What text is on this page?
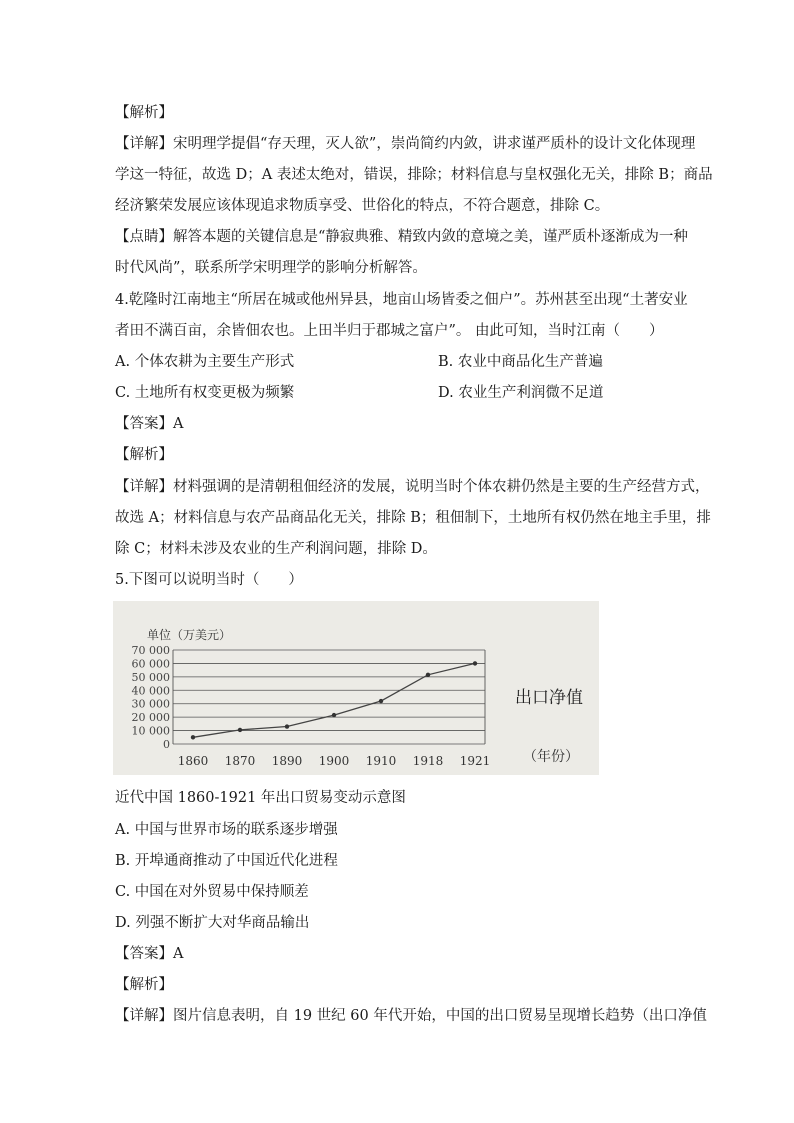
【解析】
【详解】宋明理学提倡“存天理，灭人欲”，崇尚简约内敛，讲求谨严质朴的设计文化体现理
学这一特征，故选 D；A 表述太绝对，错误，排除；材料信息与皇权强化无关，排除 B；商品
经济繁荣发展应该体现追求物质享受、世俗化的特点，不符合题意，排除 C。
【点睛】解答本题的关键信息是“静寂典雅、精致内敛的意境之美，谨严质朴逐渐成为一种
时代风尚”，联系所学宋明理学的影响分析解答。
4.乾隆时江南地主“所居在城或他州异县，地亩山场皆委之佃户”。苏州甚至出现“土著安业
者田不满百亩，余皆佃农也。上田半归于郡城之富户”。 由此可知，当时江南（　　）
A. 个体农耕为主要生产形式	B. 农业中商品化生产普遍
C. 土地所有权变更极为频繁	D. 农业生产利润微不足道
【答案】A
【解析】
【详解】材料强调的是清朝租佃经济的发展，说明当时个体农耕仍然是主要的生产经营方式，
故选 A；材料信息与农产品商品化无关，排除 B；租佃制下，土地所有权仍然在地主手里，排
除 C；材料未涉及农业的生产利润问题，排除 D。
5.下图可以说明当时（　　）
0
10 000
20 000
30 000
40 000
50 000
60 000
70 000
1860 1870 1890 1900 1910 1918 1921
单位（万美元）
（年份）
出口净值
近代中国 1860-1921 年出口贸易变动示意图
A. 中国与世界市场的联系逐步增强
B. 开埠通商推动了中国近代化进程
C. 中国在对外贸易中保持顺差
D. 列强不断扩大对华商品输出
【答案】A
【解析】
【详解】图片信息表明，自 19 世纪 60 年代开始，中国的出口贸易呈现增长趋势（出口净值
